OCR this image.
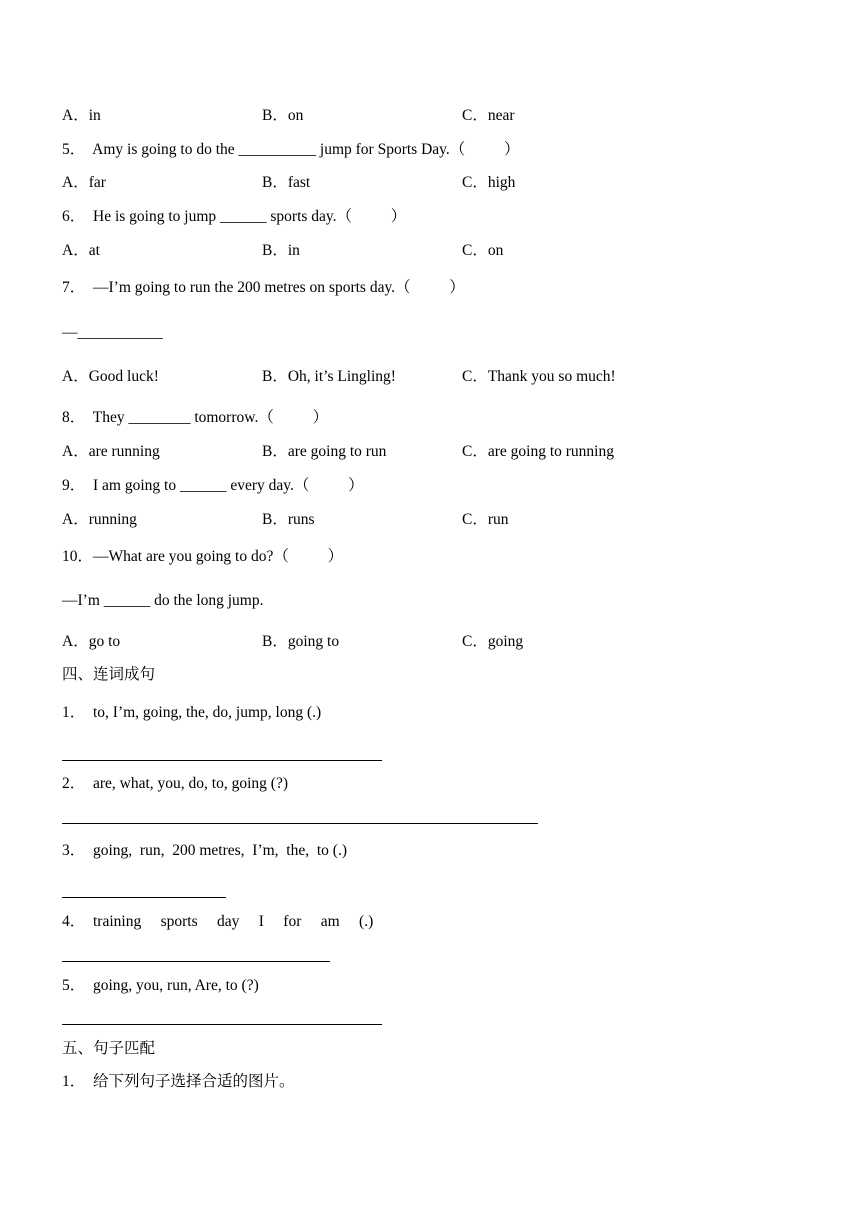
A．in	B．on	C．near
5．  Amy is going to do the __________ jump for Sports Day.（          ）
A．far	B．fast	C．high
6．  He is going to jump ______ sports day.（          ）
A．at	B．in	C．on
7．  —I’m going to run the 200 metres on sports day.（          ）
—___________
A．Good luck!	B．Oh, it’s Lingling!	C．Thank you so much!
8．  They ________ tomorrow.（          ）
A．are running	B．are going to run	C．are going to running
9．  I am going to ______ every day.（          ）
A．running	B．runs	C．run
10．—What are you going to do?（          ）
—I’m ______ do the long jump.
A．go to	B．going to	C．going
四、连词成句
1．  to, I’m, going, the, do, jump, long (.)
2．  are, what, you, do, to, going (?)
3．  going,  run,  200 metres,  I’m,  the,  to (.)
4．  training     sports     day     I     for     am     (.)
5．  going, you, run, Are, to (?)
五、句子匹配
1．  给下列句子选择合适的图片。
